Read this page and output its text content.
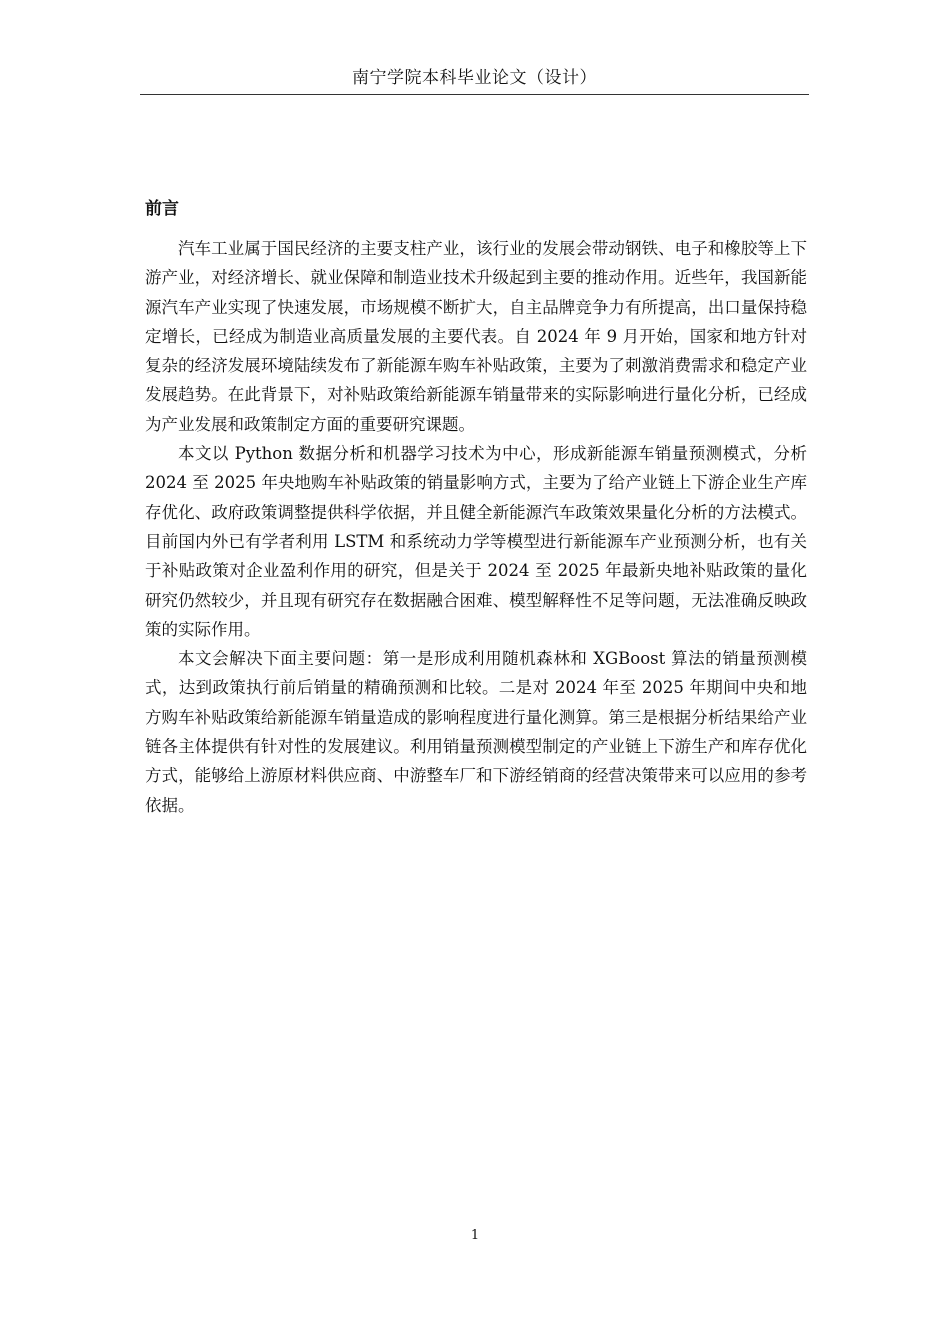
南宁学院本科毕业论文（设计）
前言

汽车工业属于国民经济的主要支柱产业，该行业的发展会带动钢铁、电子和橡胶等上下游产业，对经济增长、就业保障和制造业技术升级起到主要的推动作用。近些年，我国新能源汽车产业实现了快速发展，市场规模不断扩大，自主品牌竞争力有所提高，出口量保持稳定增长，已经成为制造业高质量发展的主要代表。自 2024 年 9 月开始，国家和地方针对复杂的经济发展环境陆续发布了新能源车购车补贴政策，主要为了刺激消费需求和稳定产业发展趋势。在此背景下，对补贴政策给新能源车销量带来的实际影响进行量化分析，已经成为产业发展和政策制定方面的重要研究课题。

本文以 Python 数据分析和机器学习技术为中心，形成新能源车销量预测模式，分析 2024 至 2025 年央地购车补贴政策的销量影响方式，主要为了给产业链上下游企业生产库存优化、政府政策调整提供科学依据，并且健全新能源汽车政策效果量化分析的方法模式。目前国内外已有学者利用 LSTM 和系统动力学等模型进行新能源车产业预测分析，也有关于补贴政策对企业盈利作用的研究，但是关于 2024 至 2025 年最新央地补贴政策的量化研究仍然较少，并且现有研究存在数据融合困难、模型解释性不足等问题，无法准确反映政策的实际作用。

本文会解决下面主要问题：第一是形成利用随机森林和 XGBoost 算法的销量预测模式，达到政策执行前后销量的精确预测和比较。二是对 2024 年至 2025 年期间中央和地方购车补贴政策给新能源车销量造成的影响程度进行量化测算。第三是根据分析结果给产业链各主体提供有针对性的发展建议。利用销量预测模型制定的产业链上下游生产和库存优化方式，能够给上游原材料供应商、中游整车厂和下游经销商的经营决策带来可以应用的参考依据。

1
